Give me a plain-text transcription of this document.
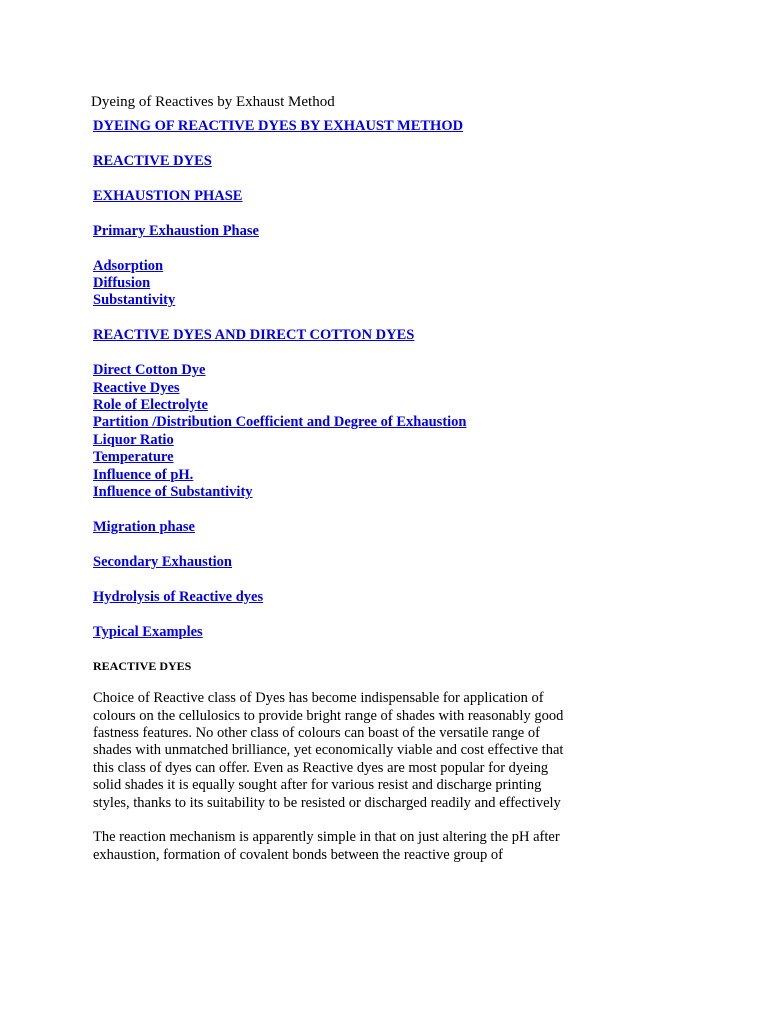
Dyeing of Reactives by Exhaust Method
DYEING OF REACTIVE DYES BY EXHAUST METHOD
REACTIVE DYES
EXHAUSTION PHASE
Primary Exhaustion Phase
Adsorption
Diffusion
Substantivity
REACTIVE DYES AND DIRECT COTTON DYES
Direct Cotton Dye
Reactive Dyes
Role of Electrolyte
Partition /Distribution Coefficient and Degree of Exhaustion
Liquor Ratio
Temperature
Influence of pH.
Influence of Substantivity
Migration phase
Secondary Exhaustion
Hydrolysis of Reactive dyes
Typical Examples
REACTIVE DYES

Choice of Reactive class of Dyes has become indispensable for application of colours on the cellulosics to provide bright range of shades with reasonably good fastness features. No other class of colours can boast of the versatile range of shades with unmatched brilliance, yet economically viable and cost effective that this class of dyes can offer. Even as Reactive dyes are most popular for dyeing solid shades it is equally sought after for various resist and discharge printing styles, thanks to its suitability to be resisted or discharged readily and effectively

The reaction mechanism is apparently simple in that on just altering the pH after exhaustion, formation of covalent bonds between the reactive group of
